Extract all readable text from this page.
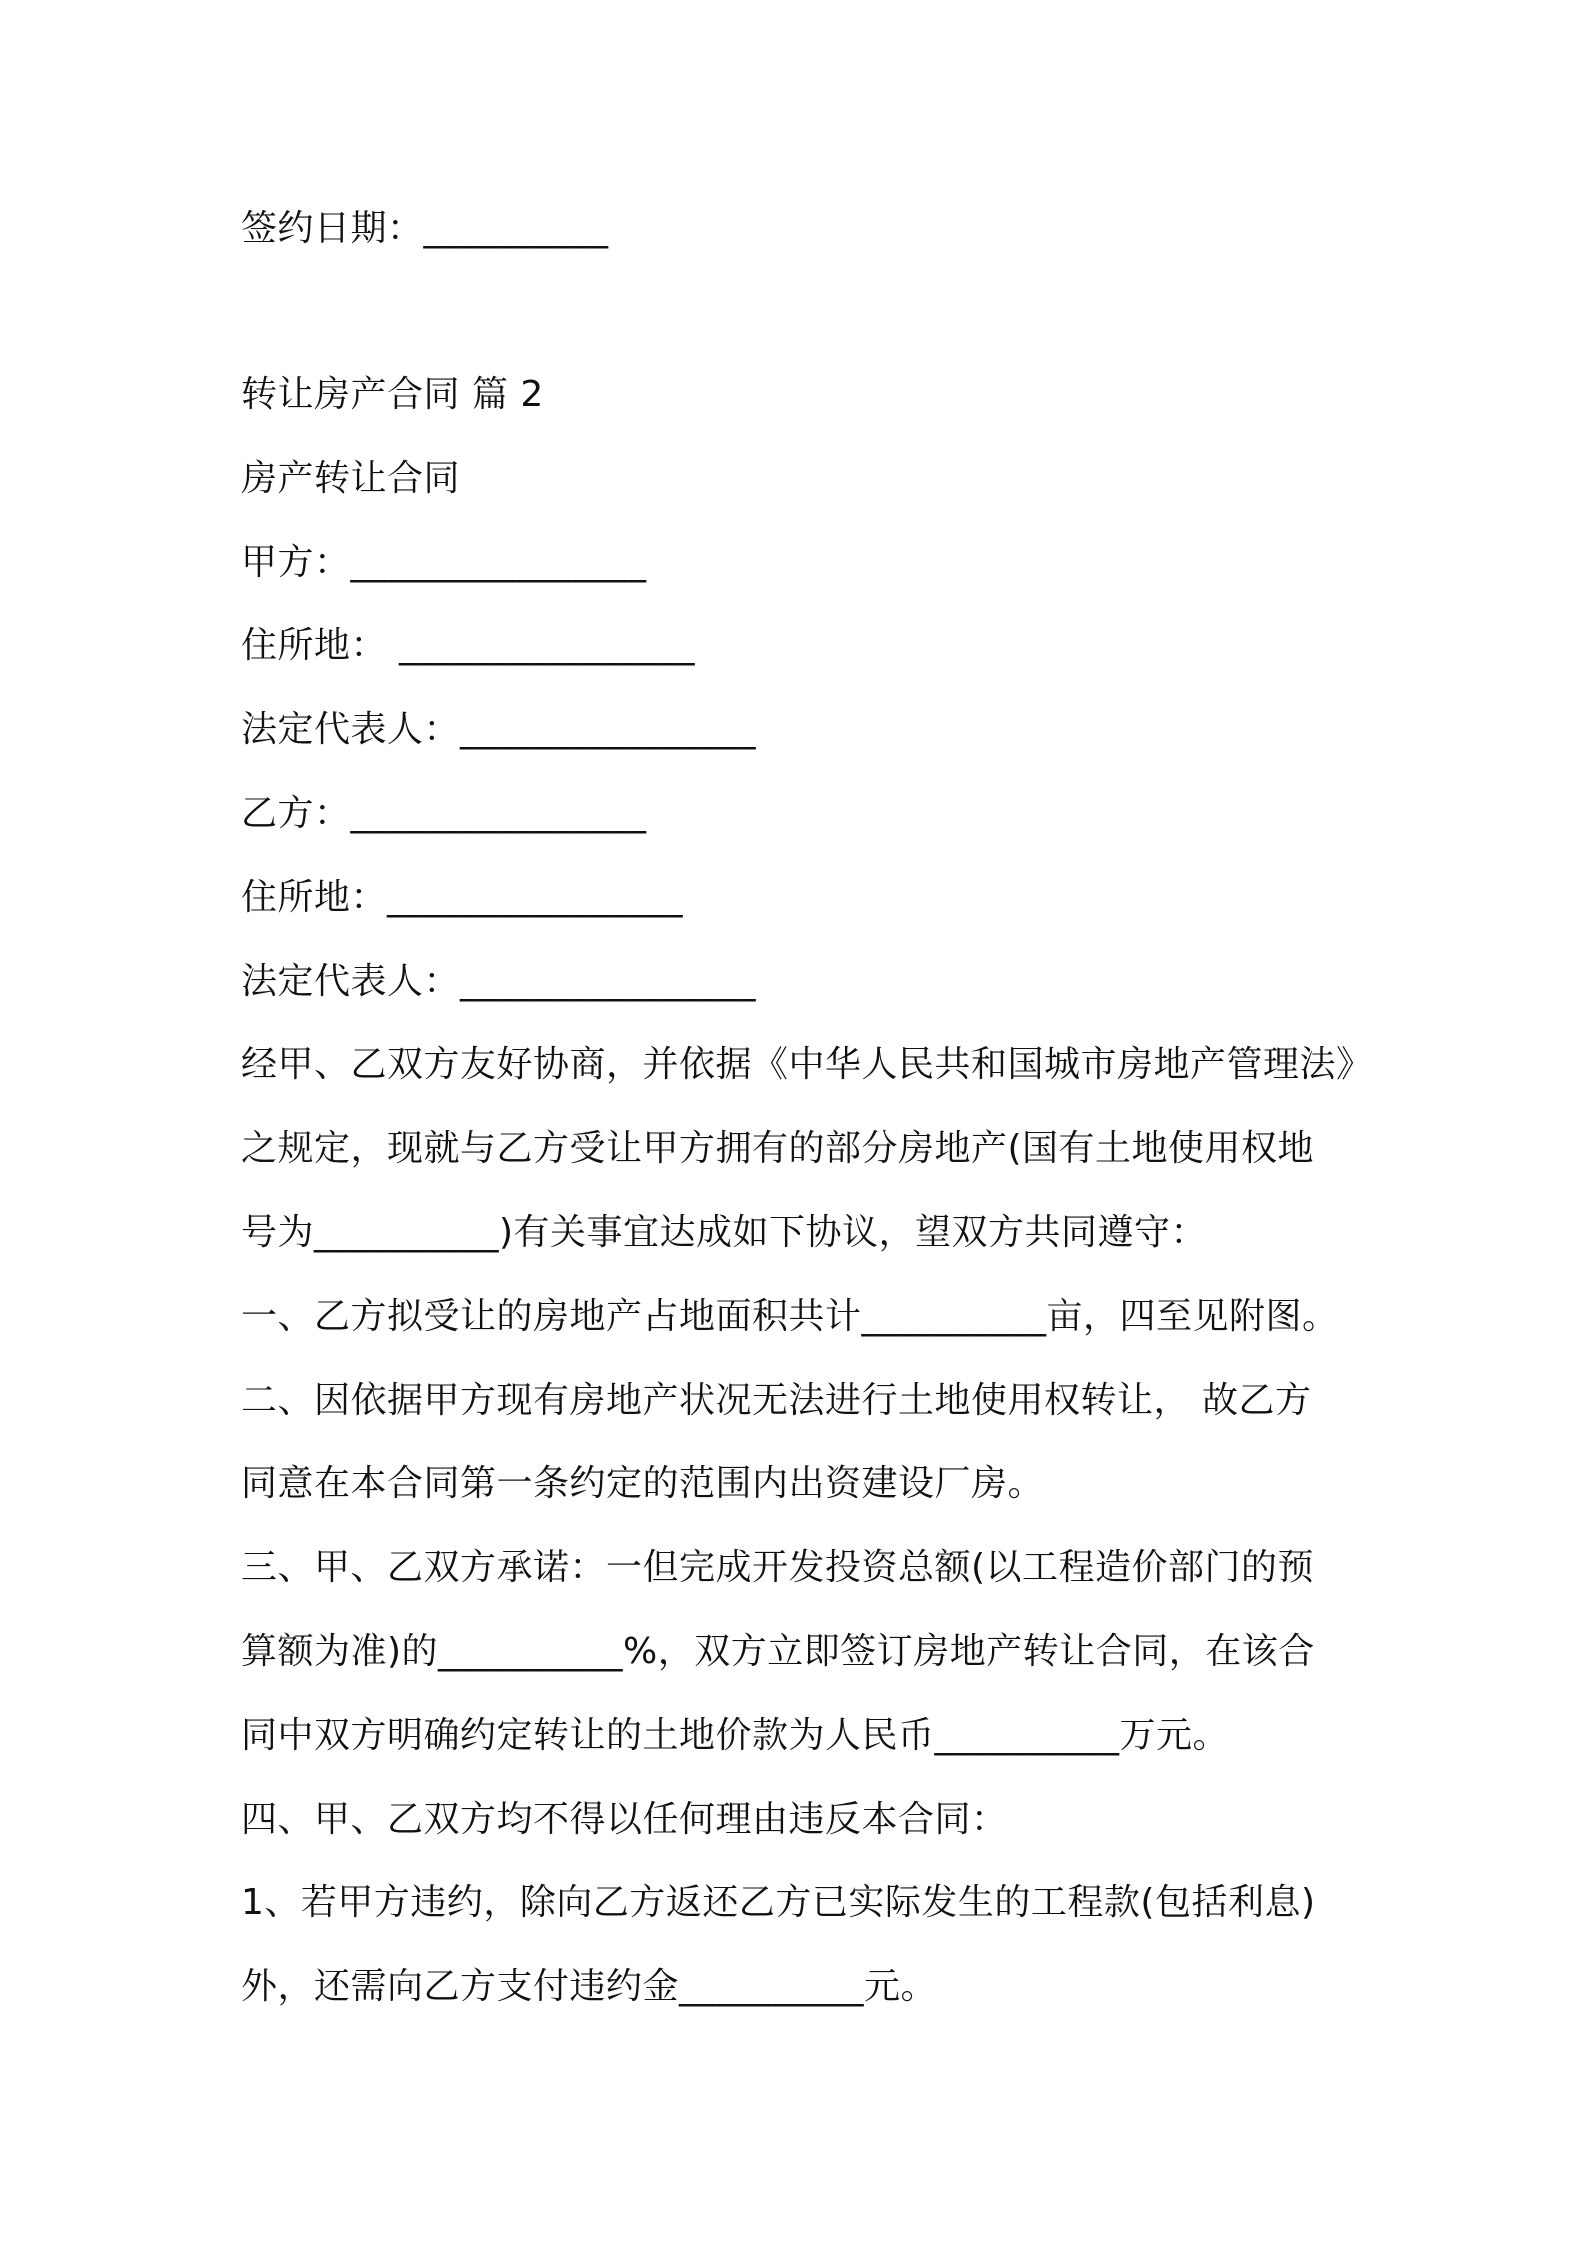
签约日期：__________
转让房产合同 篇 2
房产转让合同
甲方：________________
住所地： ________________
法定代表人：________________
乙方：________________
住所地：________________
法定代表人：________________
经甲、乙双方友好协商，并依据《中华人民共和国城市房地产管理法》
之规定，现就与乙方受让甲方拥有的部分房地产(国有土地使用权地
号为__________)有关事宜达成如下协议，望双方共同遵守：
一、乙方拟受让的房地产占地面积共计__________亩，四至见附图。
二、因依据甲方现有房地产状况无法进行土地使用权转让， 故乙方
同意在本合同第一条约定的范围内出资建设厂房。
三、甲、乙双方承诺：一但完成开发投资总额(以工程造价部门的预
算额为准)的__________%，双方立即签订房地产转让合同，在该合
同中双方明确约定转让的土地价款为人民币__________万元。
四、甲、乙双方均不得以任何理由违反本合同：
1、若甲方违约，除向乙方返还乙方已实际发生的工程款(包括利息)
外，还需向乙方支付违约金__________元。
